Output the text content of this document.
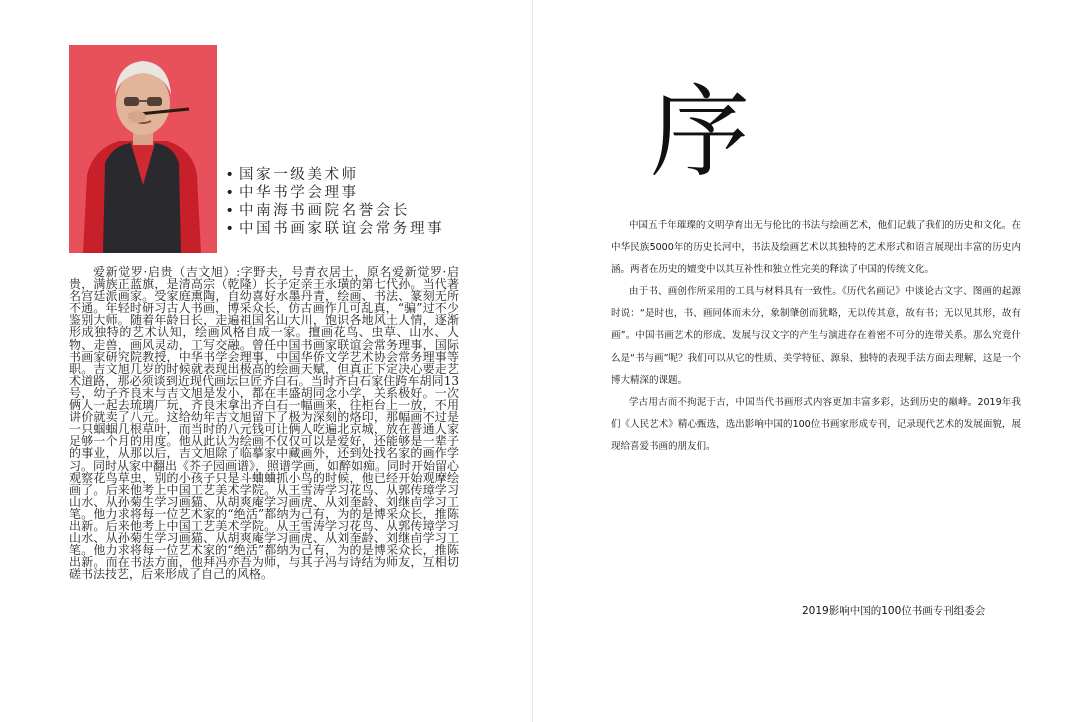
• 国家一级美术师
• 中华书学会理事
• 中南海书画院名誉会长
• 中国书画家联谊会常务理事

爱新觉罗·启贵（吉文旭）:字野夫，号青衣居士，原名爱新觉罗·启贵，满族正蓝旗，是清高宗（乾隆）长子定亲王永璜的第七代孙。当代著名宫廷派画家。受家庭熏陶，自幼喜好水墨丹青，绘画、书法、篆刻无所不通。年轻时研习古人书画，博采众长，仿古画作几可乱真，“骗”过不少鉴别大师。随着年龄日长，走遍祖国名山大川，饱识各地风土人情，逐渐形成独特的艺术认知，绘画风格自成一家。擅画花鸟、虫草、山水、人物、走兽，画风灵动，工写交融。曾任中国书画家联谊会常务理事，国际书画家研究院教授，中华书学会理事，中国华侨文学艺术协会常务理事等职。吉文旭几岁的时候就表现出极高的绘画天赋，但真正下定决心要走艺术道路，那必须谈到近现代画坛巨匠齐白石。当时齐白石家住跨车胡同13号，幼子齐良末与吉文旭是发小，都在丰盛胡同念小学，关系极好。一次俩人一起去琉璃厂玩，齐良末拿出齐白石一幅画来，往柜台上一放，不用讲价就卖了八元。这给幼年吉文旭留下了极为深刻的烙印，那幅画不过是一只蝈蝈几根草叶，而当时的八元钱可让俩人吃遍北京城，放在普通人家足够一个月的用度。他从此认为绘画不仅仅可以是爱好，还能够是一辈子的事业，从那以后，吉文旭除了临摹家中藏画外，还到处找名家的画作学习。同时从家中翻出《芥子园画谱》，照谱学画，如醉如痴。同时开始留心观察花鸟草虫，别的小孩子只是斗蛐蛐抓小鸟的时候，他已经开始观摩绘画了。后来他考上中国工艺美术学院。从王雪涛学习花鸟、从郭传璋学习山水、从孙菊生学习画猫、从胡爽庵学习画虎、从刘奎龄、刘继卣学习工笔。他力求将每一位艺术家的“绝活”都纳为己有，为的是博采众长，推陈出新。后来他考上中国工艺美术学院。从王雪涛学习花鸟、从郭传璋学习山水、从孙菊生学习画猫、从胡爽庵学习画虎、从刘奎龄、刘继卣学习工笔。他力求将每一位艺术家的“绝活”都纳为己有，为的是博采众长，推陈出新。而在书法方面，他拜冯亦吾为师，与其子冯与诗结为师友，互相切磋书法技艺，后来形成了自己的风格。

序

中国五千年璀璨的文明孕育出无与伦比的书法与绘画艺术，他们记载了我们的历史和文化。在中华民族5000年的历史长河中，书法及绘画艺术以其独特的艺术形式和语言展现出丰富的历史内涵。两者在历史的嬗变中以其互补性和独立性完美的释读了中国的传统文化。

由于书、画创作所采用的工具与材料具有一致性。《历代名画记》中谈论古文字、图画的起源时说：“是时也，书、画同体而未分，象制肇创而犹略，无以传其意，故有书；无以见其形，故有画”。中国书画艺术的形成、发展与汉文字的产生与演进存在着密不可分的连带关系。那么究竟什么是“书与画”呢？我们可以从它的性质、美学特征、源泉、独特的表现手法方面去理解，这是一个博大精深的课题。

学古用古而不拘泥于古，中国当代书画形式内容更加丰富多彩，达到历史的巅峰。2019年我们《人民艺术》精心甄选，选出影响中国的100位书画家形成专刊，记录现代艺术的发展面貌，展现给喜爱书画的朋友们。

2019影响中国的100位书画专刊组委会
